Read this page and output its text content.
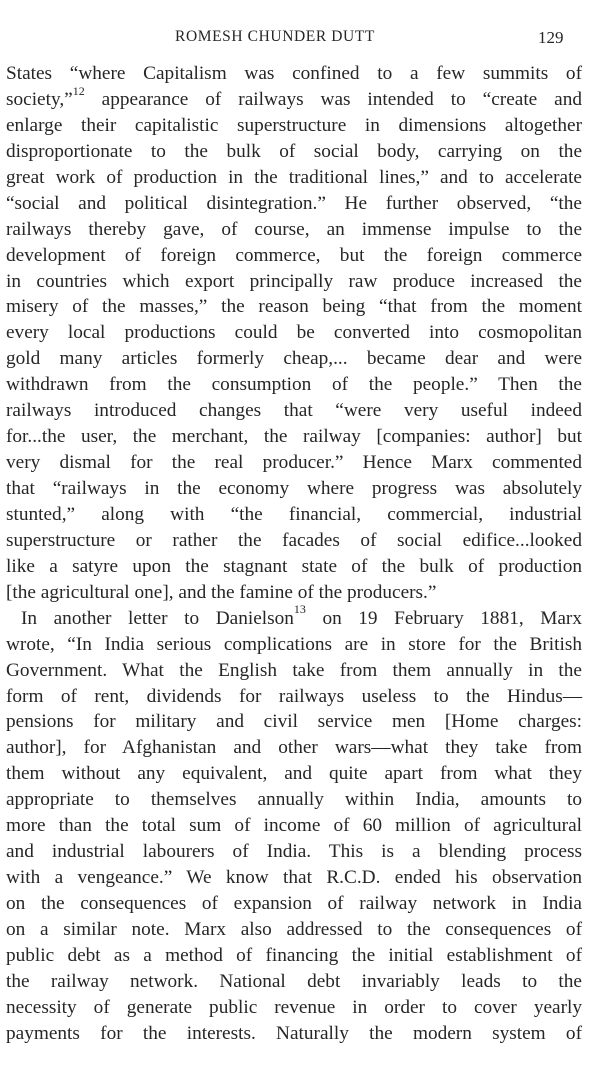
ROMESH CHUNDER DUTT	129
States “where Capitalism was confined to a few summits of
society,”$^{12}$ appearance of railways was intended to “create and
enlarge their capitalistic superstructure in dimensions altogether
disproportionate to the bulk of social body, carrying on the
great work of production in the traditional lines,” and to accelerate
“social and political disintegration.” He further observed, “the
railways thereby gave, of course, an immense impulse to the
development of foreign commerce, but the foreign commerce
in countries which export principally raw produce increased the
misery of the masses,” the reason being “that from the moment
every local productions could be converted into cosmopolitan
gold many articles formerly cheap,... became dear and were
withdrawn from the consumption of the people.” Then the
railways introduced changes that “were very useful indeed
for...the user, the merchant, the railway [companies: author] but
very dismal for the real producer.” Hence Marx commented
that “railways in the economy where progress was absolutely
stunted,” along with “the financial, commercial, industrial
superstructure or rather the facades of social edifice...looked
like a satyre upon the stagnant state of the bulk of production
[the agricultural one], and the famine of the producers.”
In another letter to Danielson$^{13}$ on 19 February 1881, Marx
wrote, “In India serious complications are in store for the British
Government. What the English take from them annually in the
form of rent, dividends for railways useless to the Hindus—
pensions for military and civil service men [Home charges:
author], for Afghanistan and other wars—what they take from
them without any equivalent, and quite apart from what they
appropriate to themselves annually within India, amounts to
more than the total sum of income of 60 million of agricultural
and industrial labourers of India. This is a blending process
with a vengeance.” We know that R.C.D. ended his observation
on the consequences of expansion of railway network in India
on a similar note. Marx also addressed to the consequences of
public debt as a method of financing the initial establishment of
the railway network. National debt invariably leads to the
necessity of generate public revenue in order to cover yearly
payments for the interests. Naturally the modern system of
